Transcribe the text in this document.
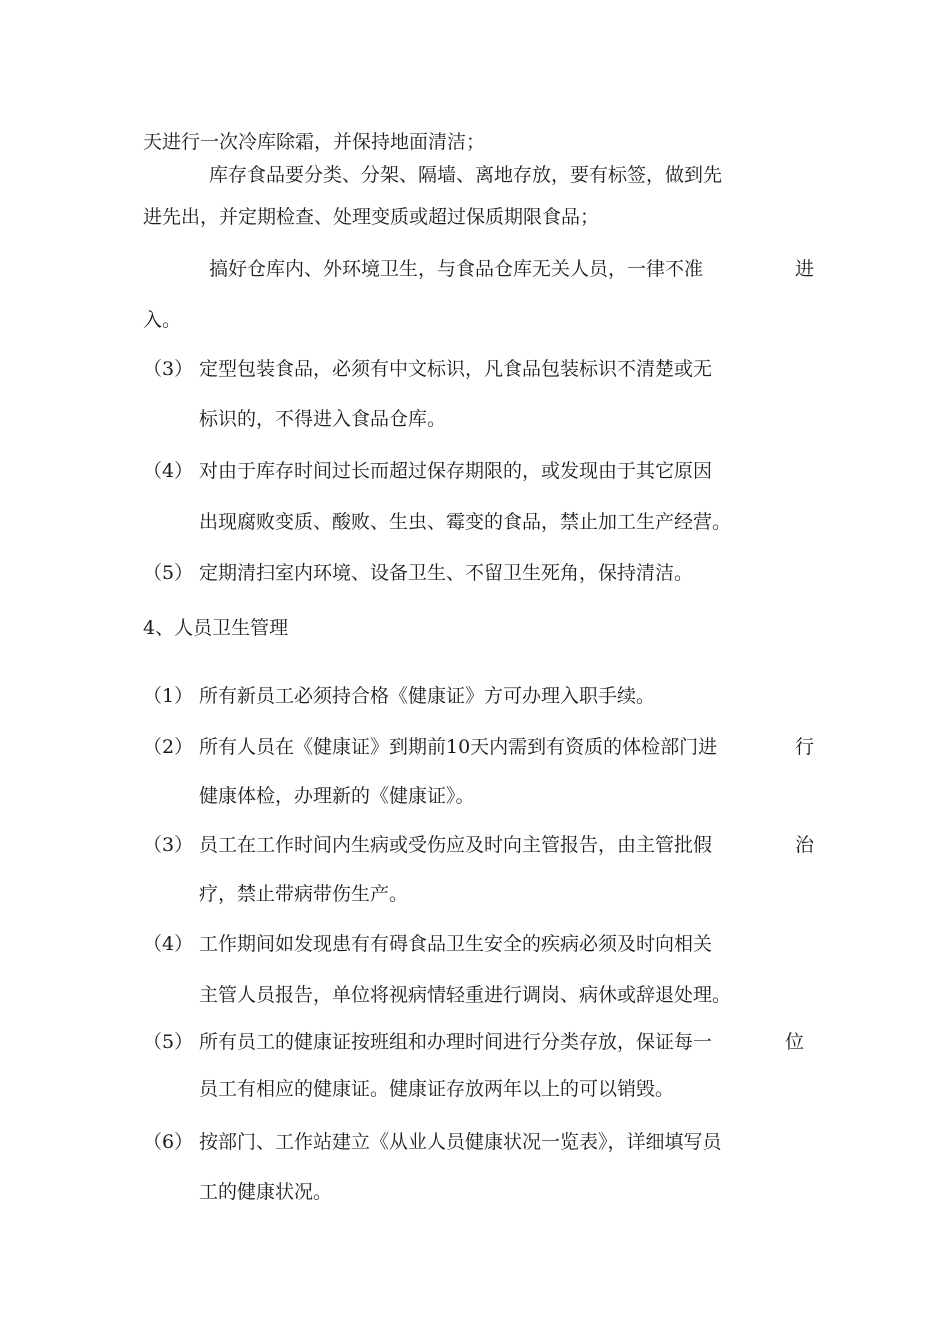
天进行一次冷库除霜，并保持地面清洁；
库存食品要分类、分架、隔墙、离地存放，要有标签，做到先
进先出，并定期检查、处理变质或超过保质期限食品；
搞好仓库内、外环境卫生，与食品仓库无关人员，一律不准	进
入。
（3） 定型包装食品，必须有中文标识，凡食品包装标识不清楚或无
标识的，不得进入食品仓库。
（4） 对由于库存时间过长而超过保存期限的，或发现由于其它原因
出现腐败变质、酸败、生虫、霉变的食品，禁止加工生产经营。
（5） 定期清扫室内环境、设备卫生、不留卫生死角，保持清洁。
4、人员卫生管理
（1） 所有新员工必须持合格《健康证》方可办理入职手续。
（2） 所有人员在《健康证》到期前10天内需到有资质的体检部门进	行
健康体检，办理新的《健康证》。
（3） 员工在工作时间内生病或受伤应及时向主管报告，由主管批假	治
疗，禁止带病带伤生产。
（4） 工作期间如发现患有有碍食品卫生安全的疾病必须及时向相关
主管人员报告，单位将视病情轻重进行调岗、病休或辞退处理。
（5） 所有员工的健康证按班组和办理时间进行分类存放，保证每一	位
员工有相应的健康证。健康证存放两年以上的可以销毁。
（6） 按部门、工作站建立《从业人员健康状况一览表》，详细填写员
工的健康状况。
